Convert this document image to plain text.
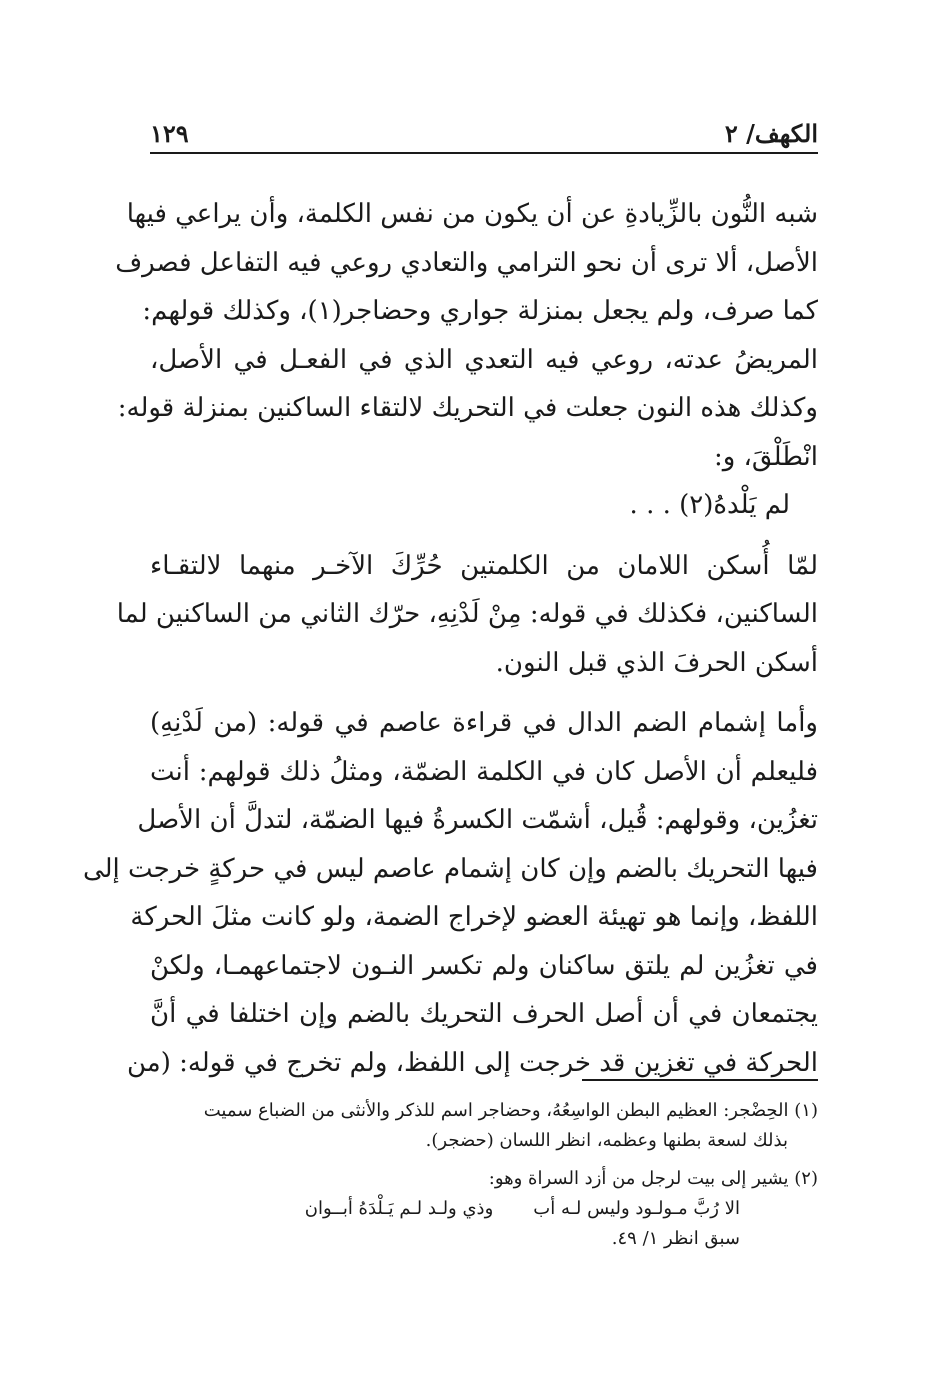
الكهف/ ٢
١٢٩

شبه النُّون بالزِّيادةِ عن أن يكون من نفس الكلمة، وأن يراعي فيها
الأصل، ألا ترى أن نحو الترامي والتعادي روعي فيه التفاعل فصرف
كما صرف، ولم يجعل بمنزلة جواري وحضاجر(١)، وكذلك قولهم:
المريضُ عدته، روعي فيه التعدي الذي في الفعـل في الأصل،
وكذلك هذه النون جعلت في التحريك لالتقاء الساكنين بمنزلة قوله:
انْطَلْقَ، و:

لم يَلْدهُ(٢) . . .

لمّا أُسكن اللامان من الكلمتين حُرِّكَ الآخـر منهما لالتقـاء
الساكنين، فكذلك في قوله: مِنْ لَدْنِهِ، حرّك الثاني من الساكنين لما
أسكن الحرفَ الذي قبل النون.

وأما إشمام الضم الدال في قراءة عاصم في قوله: (من لَدْنِهِ)
فليعلم أن الأصل كان في الكلمة الضمّة، ومثلُ ذلك قولهم: أنت
تغزُين، وقولهم: قُيل، أشمّت الكسرةُ فيها الضمّة، لتدلَّ أن الأصل
فيها التحريك بالضم وإن كان إشمام عاصم ليس في حركةٍ خرجت إلى
اللفظ، وإنما هو تهيئة العضو لإخراج الضمة، ولو كانت مثلَ الحركة
في تغزُين لم يلتق ساكنان ولم تكسر النـون لاجتماعهمـا، ولكنْ
يجتمعان في أن أصل الحرف التحريك بالضم وإن اختلفا في أنَّ
الحركة في تغزين قد خرجت إلى اللفظ، ولم تخرج في قوله: (من

(١) الحِضْجر: العظيم البطن الواسِعُهُ، وحضاجر اسم للذكر والأنثى من الضباع سميت
بذلك لسعة بطنها وعظمه، انظر اللسان (حضجر).
(٢) يشير إلى بيت لرجل من أزد السراة وهو:
الا رُبَّ مـولـود وليس لـه أب
وذي ولـد لـم يَـلْدَهُ أبــوان
سبق انظر ١/ ٤٩.
